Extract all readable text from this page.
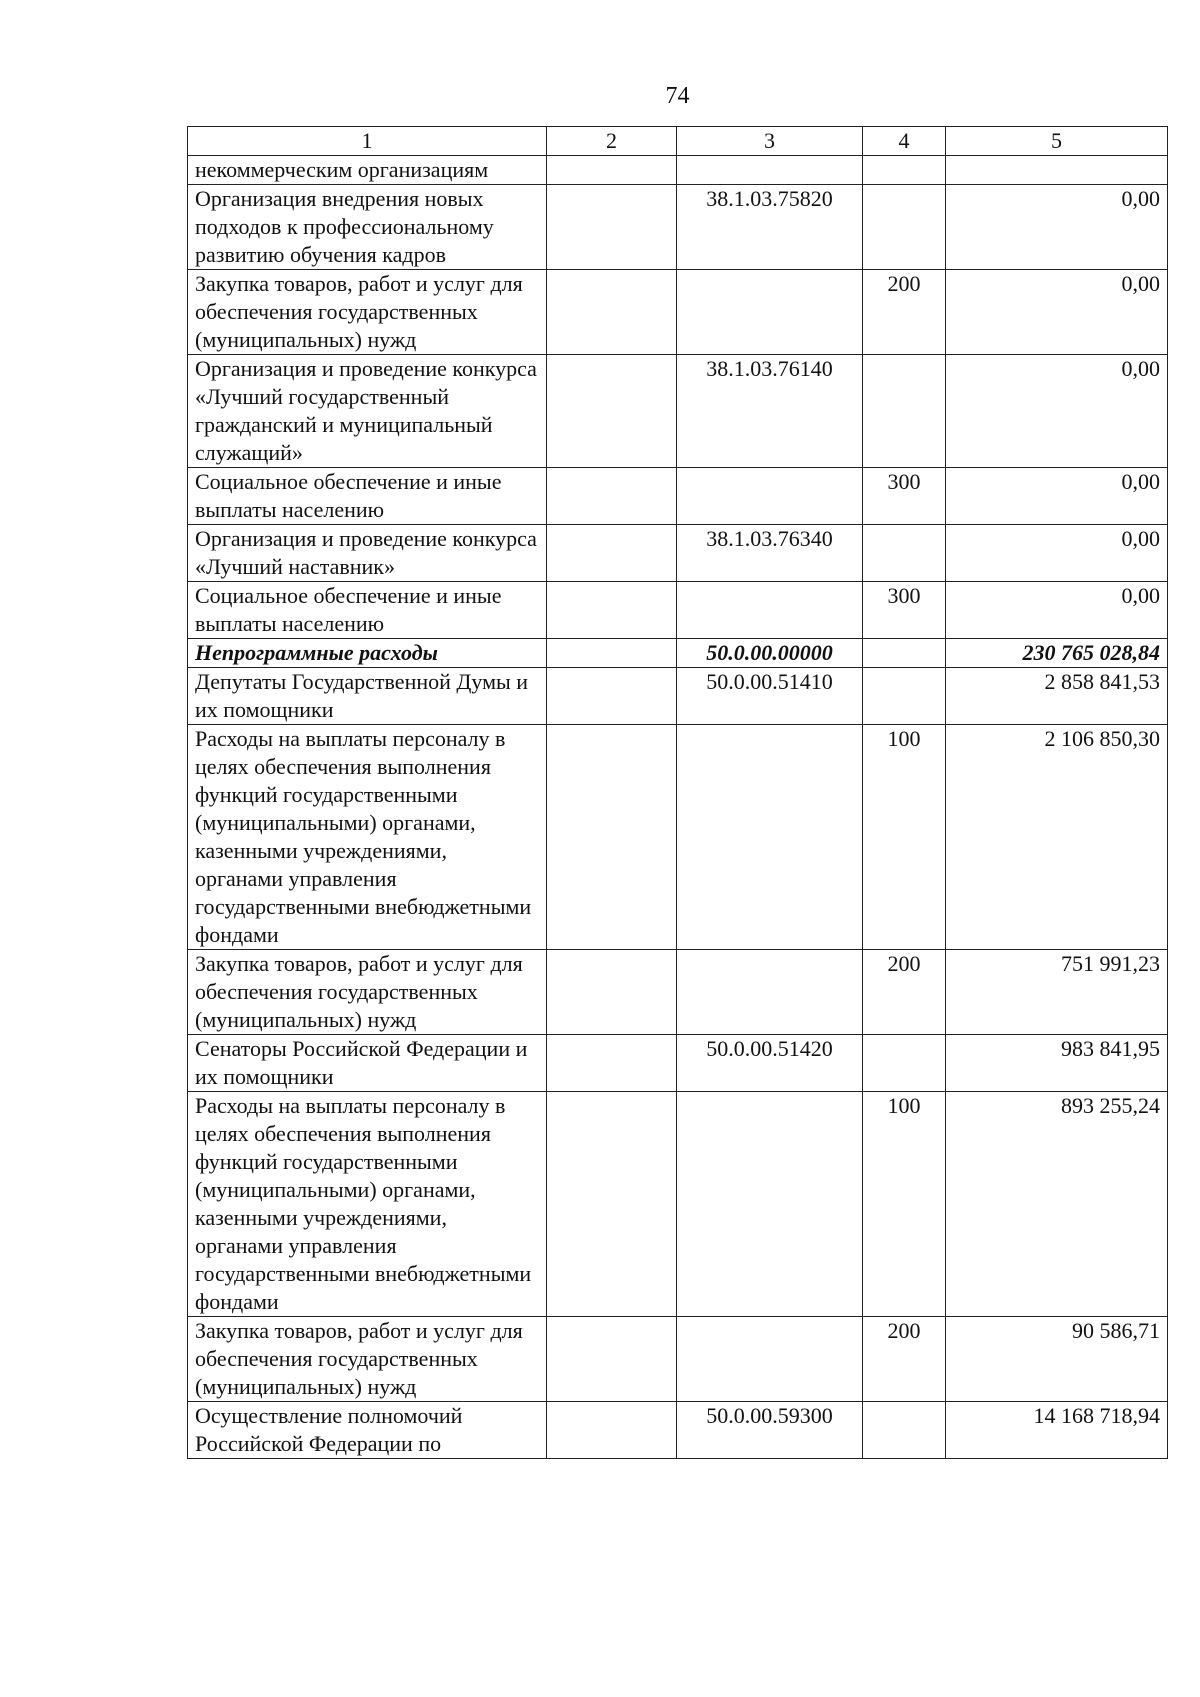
74
1	2	3	4	5
некоммерческим организациям				
Организация внедрения новых подходов к профессиональному развитию обучения кадров		38.1.03.75820		0,00
Закупка товаров, работ и услуг для обеспечения государственных (муниципальных) нужд			200	0,00
Организация и проведение конкурса «Лучший государственный гражданский и муниципальный служащий»		38.1.03.76140		0,00
Социальное обеспечение и иные выплаты населению			300	0,00
Организация и проведение конкурса «Лучший наставник»		38.1.03.76340		0,00
Социальное обеспечение и иные выплаты населению			300	0,00
Непрограммные расходы		50.0.00.00000		230 765 028,84
Депутаты Государственной Думы и их помощники		50.0.00.51410		2 858 841,53
Расходы на выплаты персоналу в целях обеспечения выполнения функций государственными (муниципальными) органами, казенными учреждениями, органами управления государственными внебюджетными фондами			100	2 106 850,30
Закупка товаров, работ и услуг для обеспечения государственных (муниципальных) нужд			200	751 991,23
Сенаторы Российской Федерации и их помощники		50.0.00.51420		983 841,95
Расходы на выплаты персоналу в целях обеспечения выполнения функций государственными (муниципальными) органами, казенными учреждениями, органами управления государственными внебюджетными фондами			100	893 255,24
Закупка товаров, работ и услуг для обеспечения государственных (муниципальных) нужд			200	90 586,71
Осуществление полномочий Российской Федерации по		50.0.00.59300		14 168 718,94
